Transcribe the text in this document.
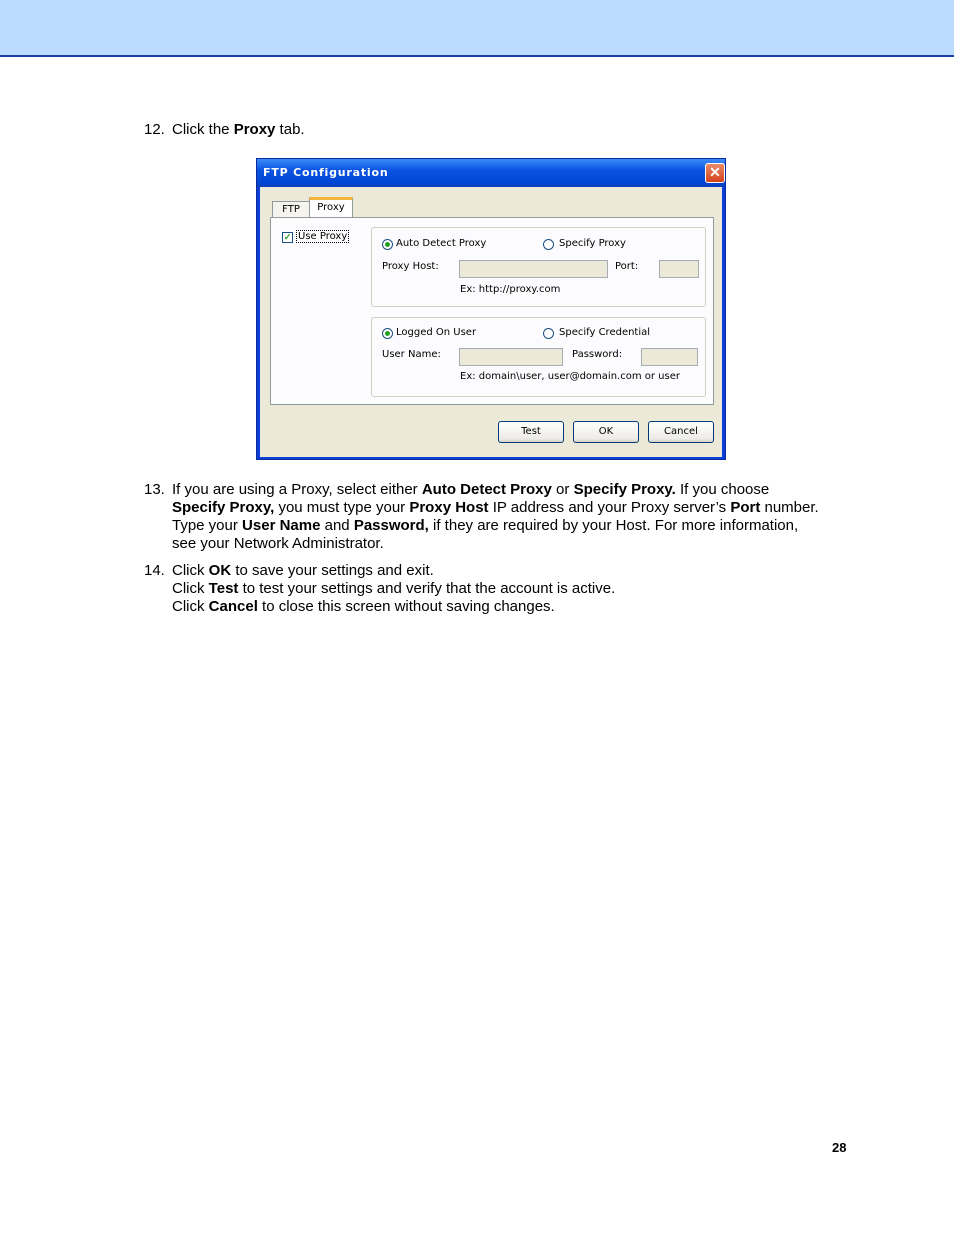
12. Click the Proxy tab.
FTP Configuration	✕
FTP	Proxy
✓ Use Proxy
Auto Detect Proxy	Specify Proxy
Proxy Host:	Port:
Ex: http://proxy.com
Logged On User	Specify Credential
User Name:	Password:
Ex: domain\user, user@domain.com or user
Test	OK	Cancel
13. If you are using a Proxy, select either Auto Detect Proxy or Specify Proxy. If you choose
Specify Proxy, you must type your Proxy Host IP address and your Proxy server’s Port number.
Type your User Name and Password, if they are required by your Host. For more information,
see your Network Administrator.
14. Click OK to save your settings and exit.
Click Test to test your settings and verify that the account is active.
Click Cancel to close this screen without saving changes.
28
